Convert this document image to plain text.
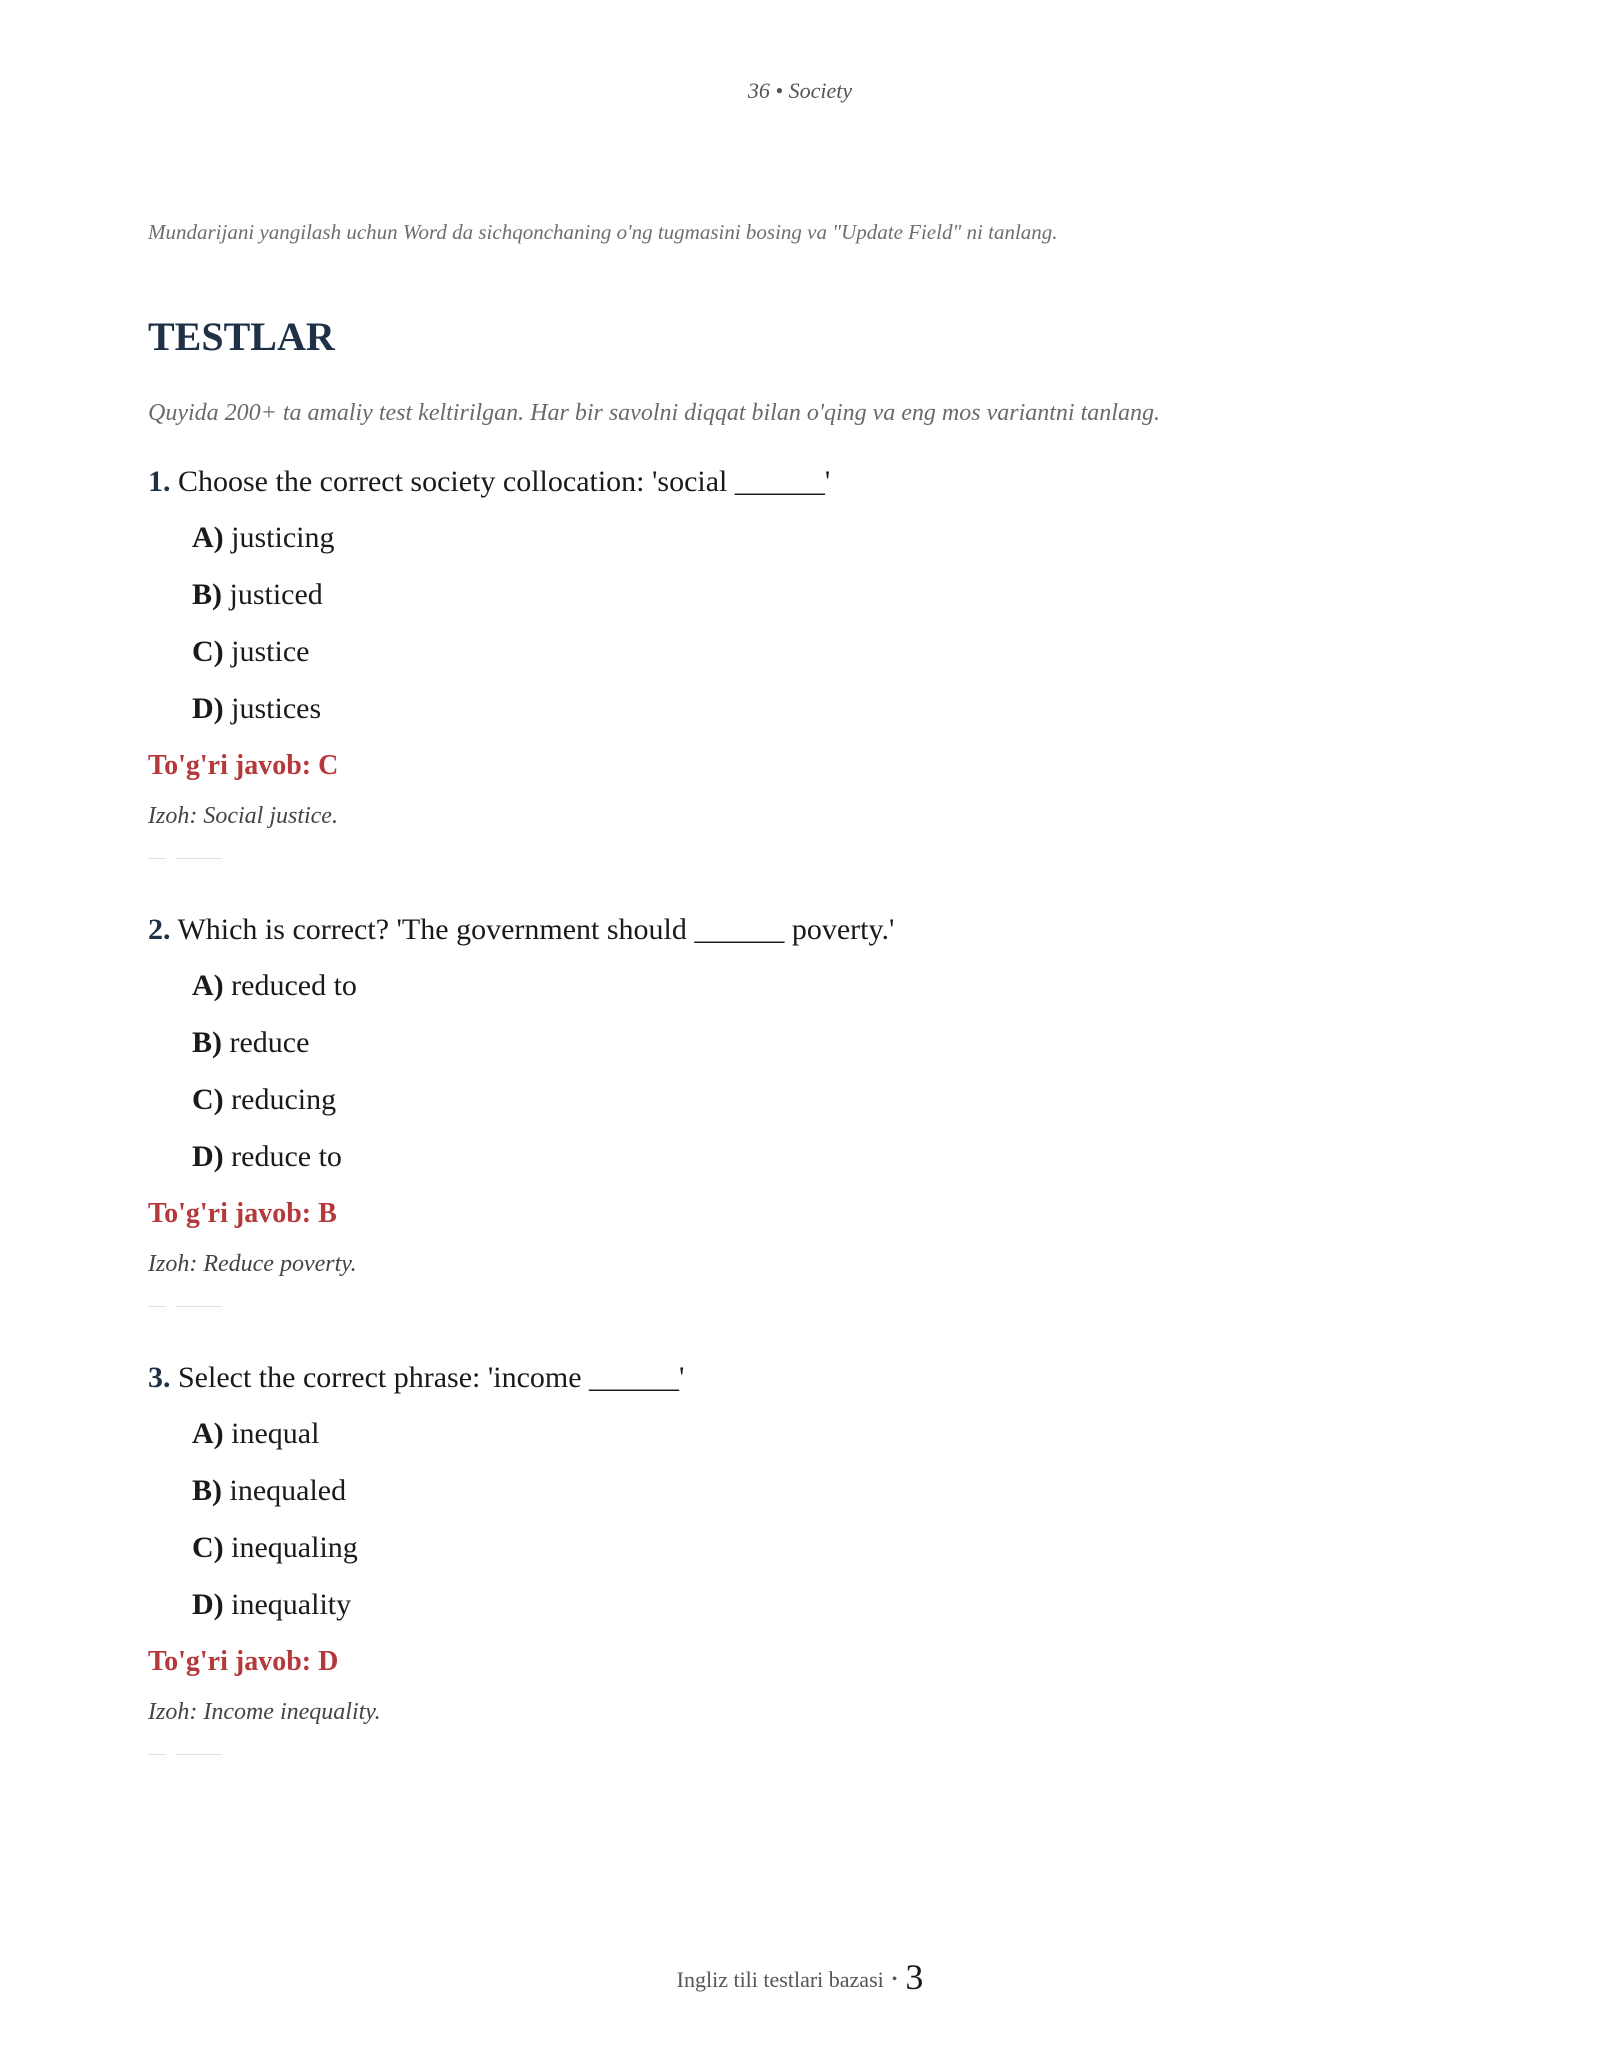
36 • Society

Mundarijani yangilash uchun Word da sichqonchaning o'ng tugmasini bosing va "Update Field" ni tanlang.

TESTLAR

Quyida 200+ ta amaliy test keltirilgan. Har bir savolni diqqat bilan o'qing va eng mos variantni tanlang.

1. Choose the correct society collocation: 'social ______'

A) justicing
B) justiced
C) justice
D) justices

To'g'ri javob: C

Izoh: Social justice.

2. Which is correct? 'The government should ______ poverty.'

A) reduced to
B) reduce
C) reducing
D) reduce to

To'g'ri javob: B

Izoh: Reduce poverty.

3. Select the correct phrase: 'income ______'

A) inequal
B) inequaled
C) inequaling
D) inequality

To'g'ri javob: D

Izoh: Income inequality.

Ingliz tili testlari bazasi • 3
